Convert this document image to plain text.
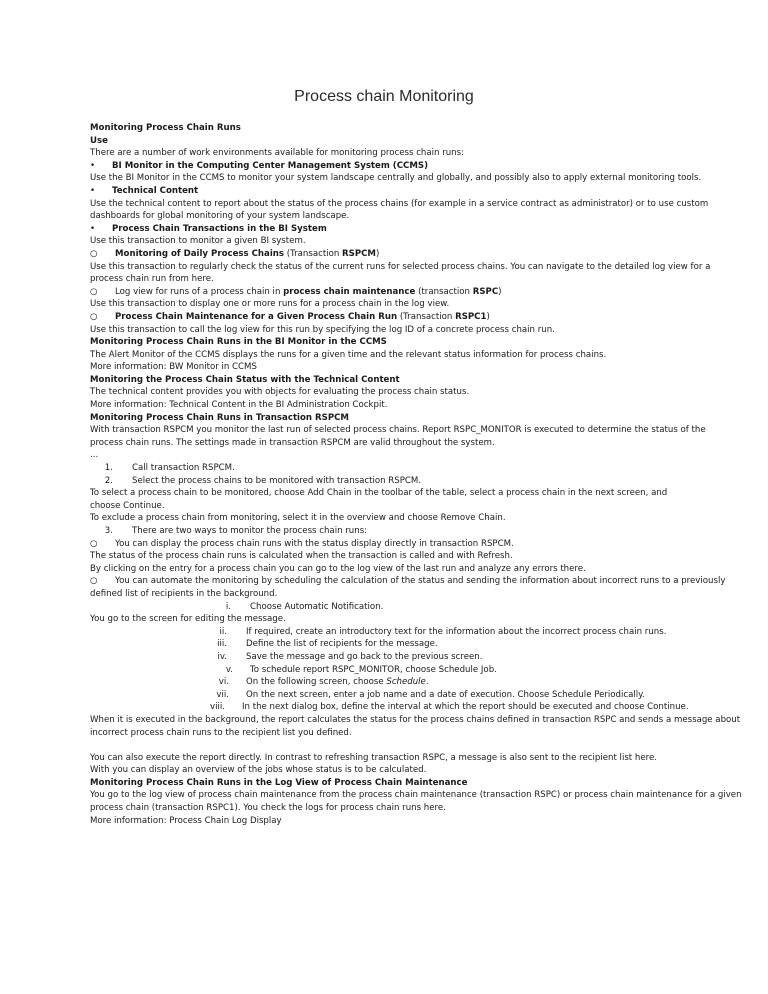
Process chain Monitoring
Monitoring Process Chain Runs
Use
There are a number of work environments available for monitoring process chain runs:
• BI Monitor in the Computing Center Management System (CCMS)
Use the BI Monitor in the CCMS to monitor your system landscape centrally and globally, and possibly also to apply external monitoring tools.
• Technical Content
Use the technical content to report about the status of the process chains (for example in a service contract as administrator) or to use custom
dashboards for global monitoring of your system landscape.
• Process Chain Transactions in the BI System
Use this transaction to monitor a given BI system.
○ Monitoring of Daily Process Chains (Transaction RSPCM)
Use this transaction to regularly check the status of the current runs for selected process chains. You can navigate to the detailed log view for a
process chain run from here.
○ Log view for runs of a process chain in process chain maintenance (transaction RSPC)
Use this transaction to display one or more runs for a process chain in the log view.
○ Process Chain Maintenance for a Given Process Chain Run (Transaction RSPC1)
Use this transaction to call the log view for this run by specifying the log ID of a concrete process chain run.
Monitoring Process Chain Runs in the BI Monitor in the CCMS
The Alert Monitor of the CCMS displays the runs for a given time and the relevant status information for process chains.
More information: BW Monitor in CCMS
Monitoring the Process Chain Status with the Technical Content
The technical content provides you with objects for evaluating the process chain status.
More information: Technical Content in the BI Administration Cockpit.
Monitoring Process Chain Runs in Transaction RSPCM
With transaction RSPCM you monitor the last run of selected process chains. Report RSPC_MONITOR is executed to determine the status of the
process chain runs. The settings made in transaction RSPCM are valid throughout the system.
...
1. Call transaction RSPCM.
2. Select the process chains to be monitored with transaction RSPCM.
To select a process chain to be monitored, choose Add Chain in the toolbar of the table, select a process chain in the next screen, and
choose Continue.
To exclude a process chain from monitoring, select it in the overview and choose Remove Chain.
3. There are two ways to monitor the process chain runs:
○ You can display the process chain runs with the status display directly in transaction RSPCM.
The status of the process chain runs is calculated when the transaction is called and with Refresh.
By clicking on the entry for a process chain you can go to the log view of the last run and analyze any errors there.
○ You can automate the monitoring by scheduling the calculation of the status and sending the information about incorrect runs to a previously
defined list of recipients in the background.
i. Choose Automatic Notification.
You go to the screen for editing the message.
ii. If required, create an introductory text for the information about the incorrect process chain runs.
iii. Define the list of recipients for the message.
iv. Save the message and go back to the previous screen.
v. To schedule report RSPC_MONITOR, choose Schedule Job.
vi. On the following screen, choose Schedule.
vii. On the next screen, enter a job name and a date of execution. Choose Schedule Periodically.
viii. In the next dialog box, define the interval at which the report should be executed and choose Continue.
When it is executed in the background, the report calculates the status for the process chains defined in transaction RSPC and sends a message about
incorrect process chain runs to the recipient list you defined.
You can also execute the report directly. In contrast to refreshing transaction RSPC, a message is also sent to the recipient list here.
With you can display an overview of the jobs whose status is to be calculated.
Monitoring Process Chain Runs in the Log View of Process Chain Maintenance
You go to the log view of process chain maintenance from the process chain maintenance (transaction RSPC) or process chain maintenance for a given
process chain (transaction RSPC1). You check the logs for process chain runs here.
More information: Process Chain Log Display
